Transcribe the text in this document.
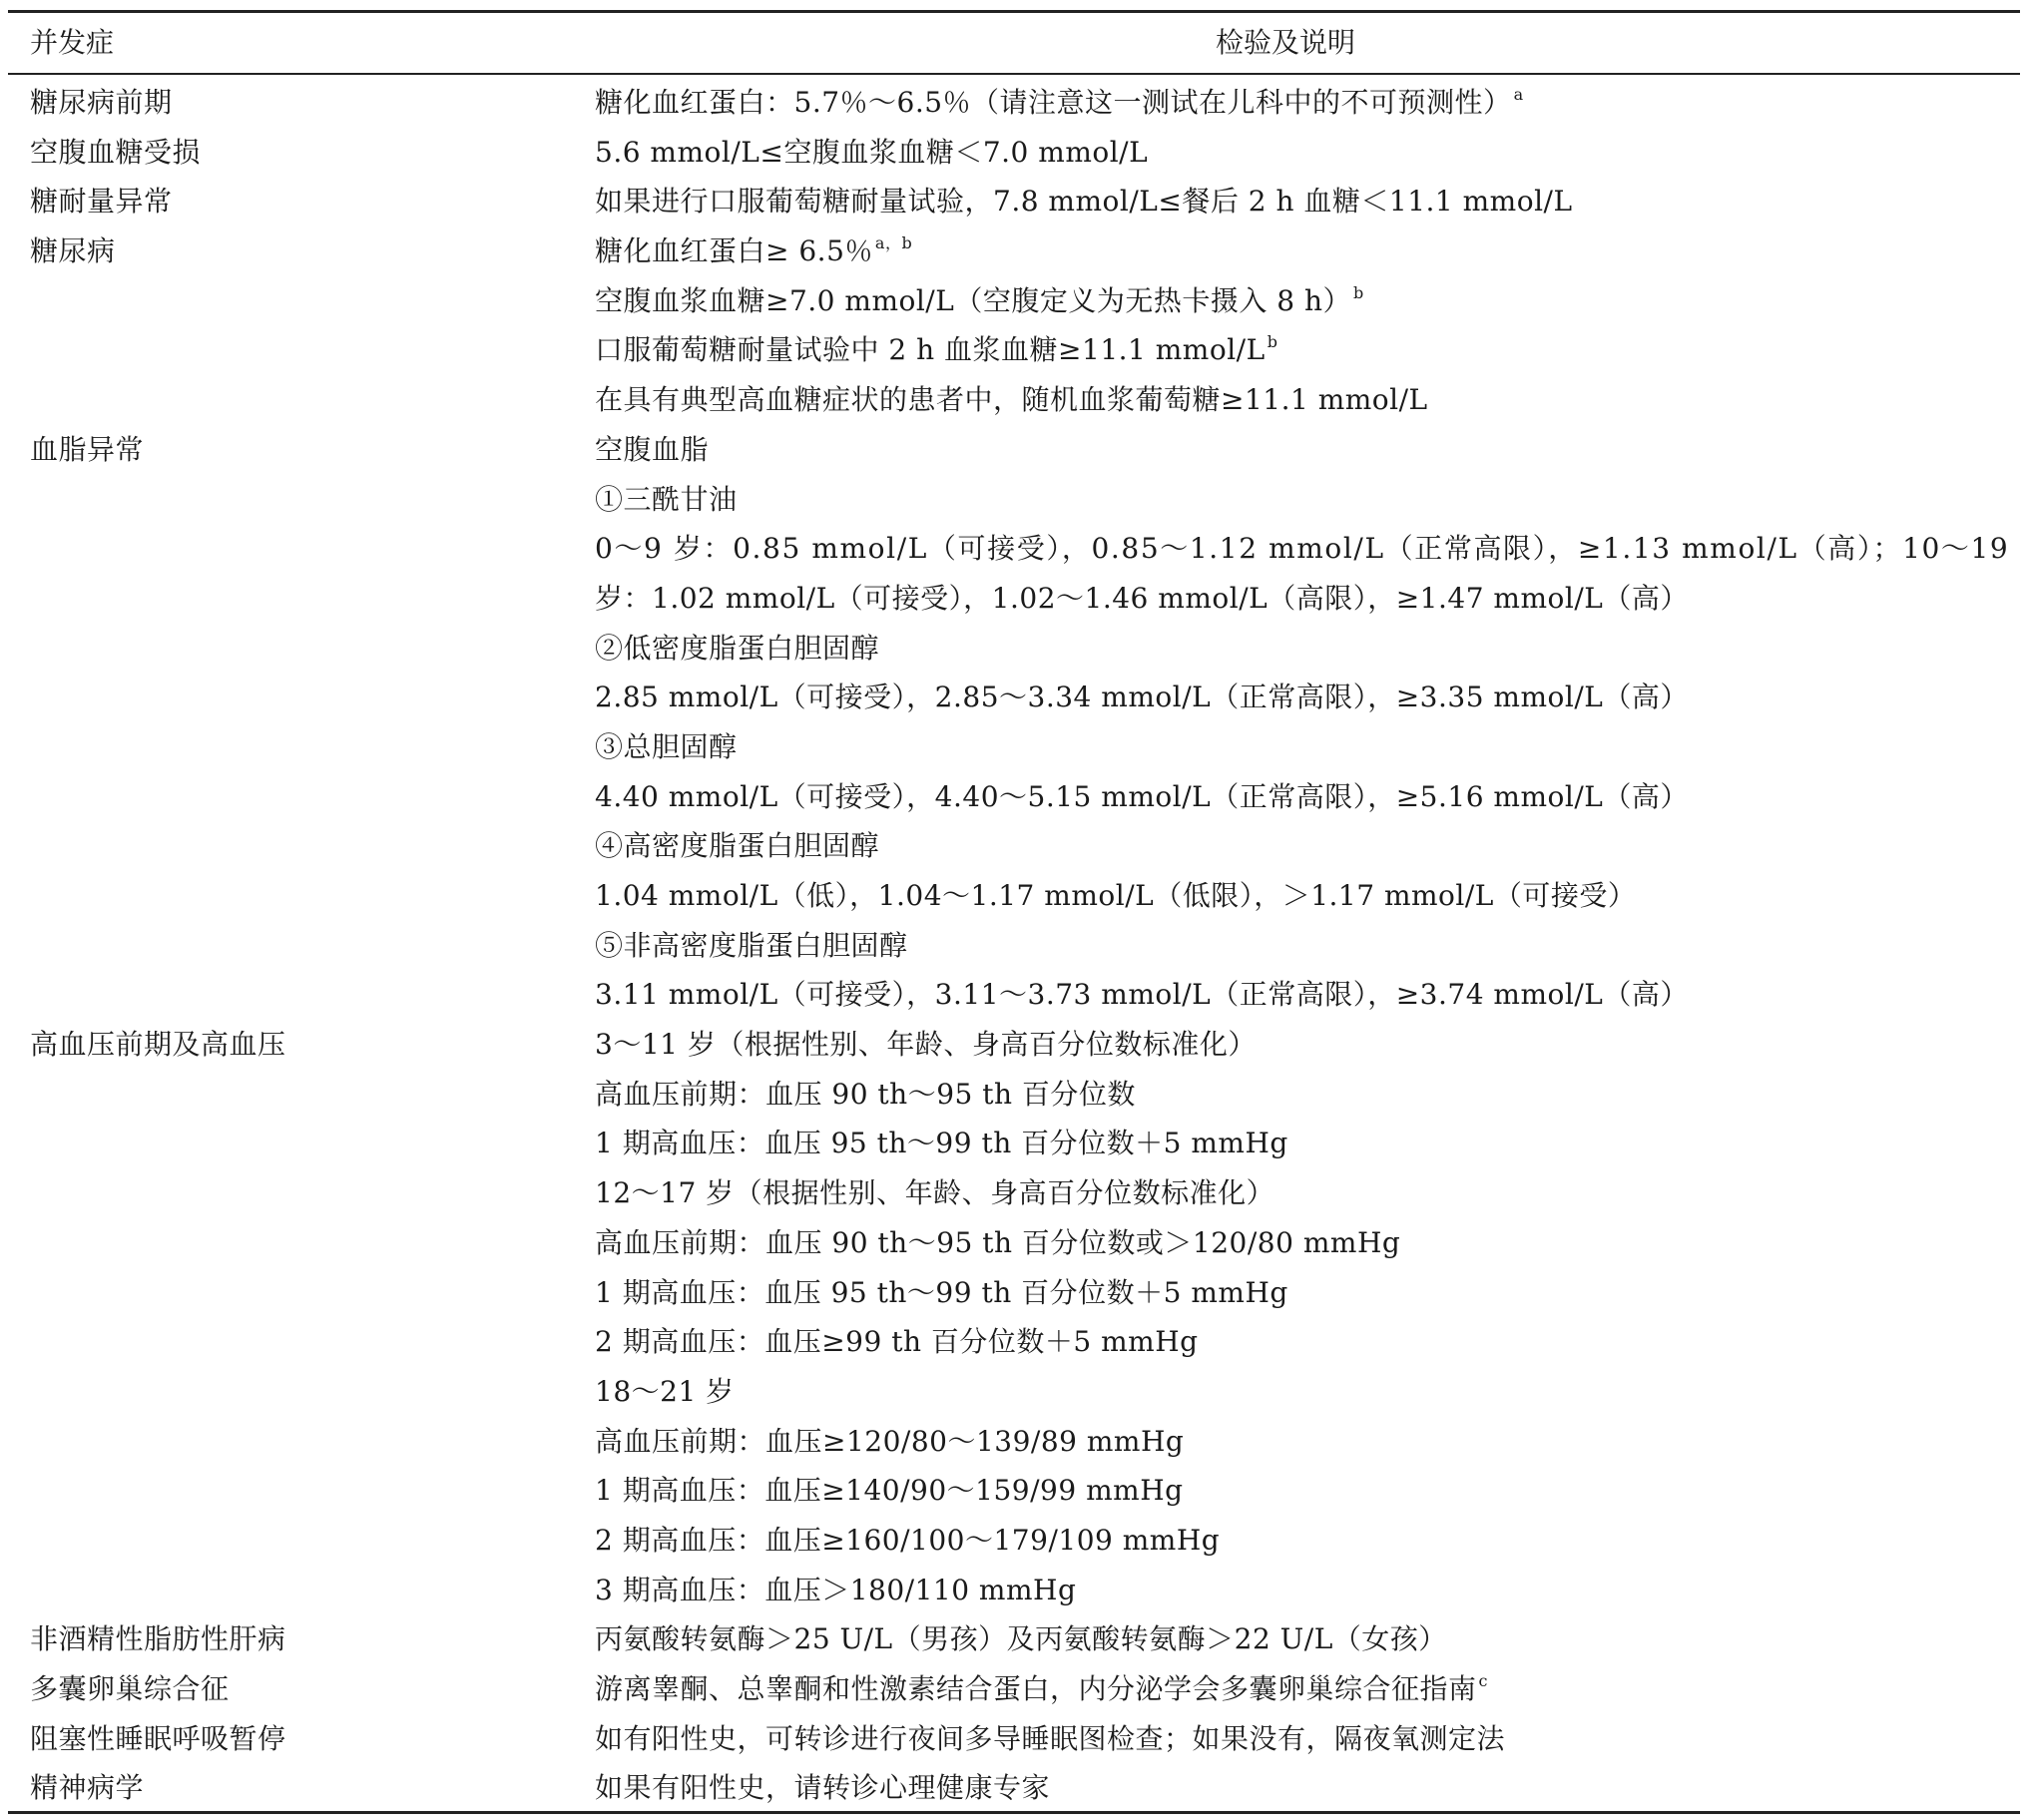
并发症	检验及说明
糖尿病前期	糖化血红蛋白：5.7％～6.5％（请注意这一测试在儿科中的不可预测性） $^a$
空腹血糖受损	5.6 mmol/L≤空腹血浆血糖＜7.0 mmol/L
糖耐量异常	如果进行口服葡萄糖耐量试验，7.8 mmol/L≤餐后 2 h 血糖＜11.1 mmol/L
糖尿病	糖化血红蛋白≥ 6.5％ $^{a,b}$
空腹血浆血糖≥7.0 mmol/L（空腹定义为无热卡摄入 8 h） $^b$
口服葡萄糖耐量试验中 2 h 血浆血糖≥11.1 mmol/L $^b$
在具有典型高血糖症状的患者中，随机血浆葡萄糖≥11.1 mmol/L
血脂异常	空腹血脂
①三酰甘油
0～9 岁：0.85 mmol/L（可接受），0.85～1.12 mmol/L（正常高限），≥1.13 mmol/L（高）；10～19
岁：1.02 mmol/L（可接受），1.02～1.46 mmol/L（高限），≥1.47 mmol/L（高）
②低密度脂蛋白胆固醇
2.85 mmol/L（可接受），2.85～3.34 mmol/L（正常高限），≥3.35 mmol/L（高）
③总胆固醇
4.40 mmol/L（可接受），4.40～5.15 mmol/L（正常高限），≥5.16 mmol/L（高）
④高密度脂蛋白胆固醇
1.04 mmol/L（低），1.04～1.17 mmol/L（低限），＞1.17 mmol/L（可接受）
⑤非高密度脂蛋白胆固醇
3.11 mmol/L（可接受），3.11～3.73 mmol/L（正常高限），≥3.74 mmol/L（高）
高血压前期及高血压	3～11 岁（根据性别、年龄、身高百分位数标准化）
高血压前期：血压 90 th～95 th 百分位数
1 期高血压：血压 95 th～99 th 百分位数＋5 mmHg
12～17 岁（根据性别、年龄、身高百分位数标准化）
高血压前期：血压 90 th～95 th 百分位数或＞120/80 mmHg
1 期高血压：血压 95 th～99 th 百分位数＋5 mmHg
2 期高血压：血压≥99 th 百分位数＋5 mmHg
18～21 岁
高血压前期：血压≥120/80～139/89 mmHg
1 期高血压：血压≥140/90～159/99 mmHg
2 期高血压：血压≥160/100～179/109 mmHg
3 期高血压：血压＞180/110 mmHg
非酒精性脂肪性肝病	丙氨酸转氨酶＞25 U/L（男孩）及丙氨酸转氨酶＞22 U/L（女孩）
多囊卵巢综合征	游离睾酮、总睾酮和性激素结合蛋白，内分泌学会多囊卵巢综合征指南 $^c$
阻塞性睡眠呼吸暂停	如有阳性史，可转诊进行夜间多导睡眠图检查；如果没有，隔夜氧测定法
精神病学	如果有阳性史，请转诊心理健康专家
